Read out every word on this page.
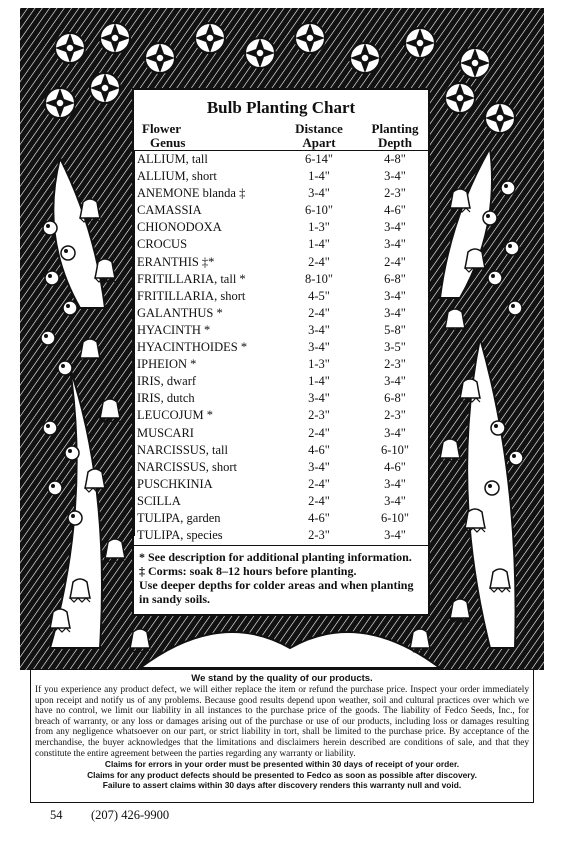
Bulb Planting Chart
Flower
Genus
Distance
Apart
Planting
Depth
ALLIUM, tall	6-14"	4-8"
ALLIUM, short	1-4"	3-4"
ANEMONE blanda ‡	3-4"	2-3"
CAMASSIA	6-10"	4-6"
CHIONODOXA	1-3"	3-4"
CROCUS	1-4"	3-4"
ERANTHIS ‡*	2-4"	2-4"
FRITILLARIA, tall *	8-10"	6-8"
FRITILLARIA, short	4-5"	3-4"
GALANTHUS *	2-4"	3-4"
HYACINTH *	3-4"	5-8"
HYACINTHOIDES *	3-4"	3-5"
IPHEION *	1-3"	2-3"
IRIS, dwarf	1-4"	3-4"
IRIS, dutch	3-4"	6-8"
LEUCOJUM *	2-3"	2-3"
MUSCARI	2-4"	3-4"
NARCISSUS, tall	4-6"	6-10"
NARCISSUS, short	3-4"	4-6"
PUSCHKINIA	2-4"	3-4"
SCILLA	2-4"	3-4"
TULIPA, garden	4-6"	6-10"
TULIPA, species	2-3"	3-4"
* See description for additional planting information.
‡ Corms: soak 8–12 hours before planting.
Use deeper depths for colder areas and when planting in sandy soils.
We stand by the quality of our products.
If you experience any product defect, we will either replace the item or refund the purchase price. Inspect your order immediately upon receipt and notify us of any problems. Because good results depend upon weather, soil and cultural practices over which we have no control, we limit our liability in all instances to the purchase price of the goods. The liability of Fedco Seeds, Inc., for breach of warranty, or any loss or damages arising out of the purchase or use of our products, including loss or damages resulting from any negligence whatsoever on our part, or strict liability in tort, shall be limited to the purchase price. By acceptance of the merchandise, the buyer acknowledges that the limitations and disclaimers herein described are conditions of sale, and that they constitute the entire agreement between the parties regarding any warranty or liability.
Claims for errors in your order must be presented within 30 days of receipt of your order.
Claims for any product defects should be presented to Fedco as soon as possible after discovery.
Failure to assert claims within 30 days after discovery renders this warranty null and void.
54 (207) 426-9900
